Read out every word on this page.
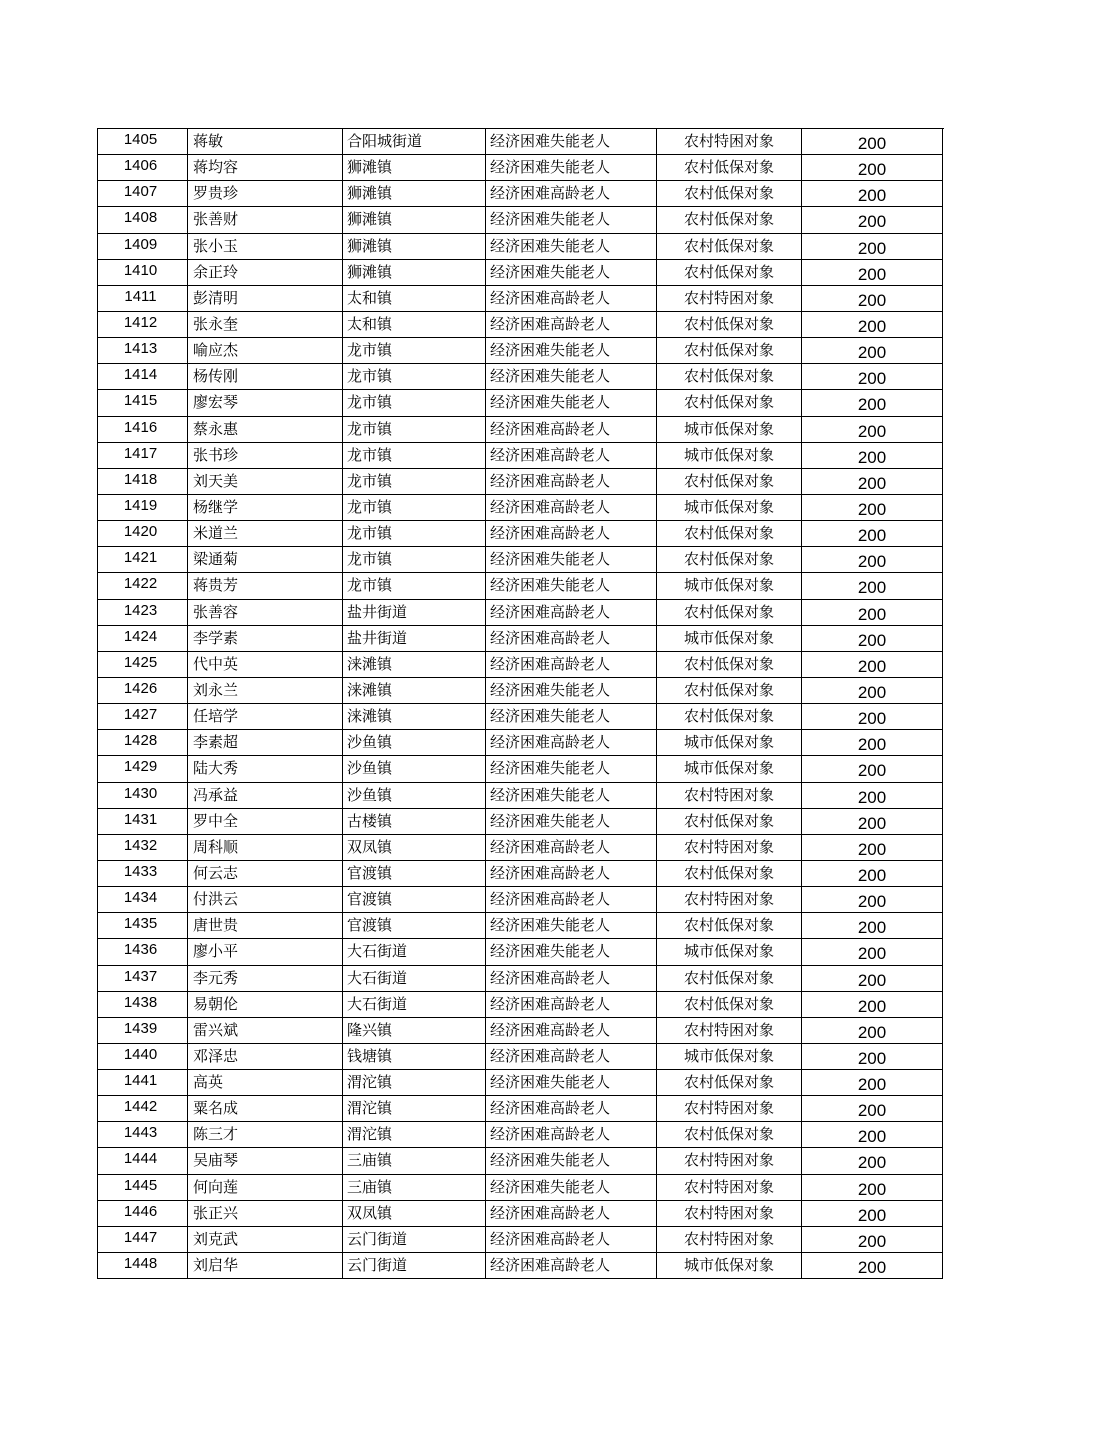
1405	蒋敏	合阳城街道	经济困难失能老人	农村特困对象	200
1406	蒋均容	狮滩镇	经济困难失能老人	农村低保对象	200
1407	罗贵珍	狮滩镇	经济困难高龄老人	农村低保对象	200
1408	张善财	狮滩镇	经济困难失能老人	农村低保对象	200
1409	张小玉	狮滩镇	经济困难失能老人	农村低保对象	200
1410	余正玲	狮滩镇	经济困难失能老人	农村低保对象	200
1411	彭清明	太和镇	经济困难高龄老人	农村特困对象	200
1412	张永奎	太和镇	经济困难高龄老人	农村低保对象	200
1413	喻应杰	龙市镇	经济困难失能老人	农村低保对象	200
1414	杨传刚	龙市镇	经济困难失能老人	农村低保对象	200
1415	廖宏琴	龙市镇	经济困难失能老人	农村低保对象	200
1416	蔡永惠	龙市镇	经济困难高龄老人	城市低保对象	200
1417	张书珍	龙市镇	经济困难高龄老人	城市低保对象	200
1418	刘天美	龙市镇	经济困难高龄老人	农村低保对象	200
1419	杨继学	龙市镇	经济困难高龄老人	城市低保对象	200
1420	米道兰	龙市镇	经济困难高龄老人	农村低保对象	200
1421	梁通菊	龙市镇	经济困难失能老人	农村低保对象	200
1422	蒋贵芳	龙市镇	经济困难失能老人	城市低保对象	200
1423	张善容	盐井街道	经济困难高龄老人	农村低保对象	200
1424	李学素	盐井街道	经济困难高龄老人	城市低保对象	200
1425	代中英	涞滩镇	经济困难高龄老人	农村低保对象	200
1426	刘永兰	涞滩镇	经济困难失能老人	农村低保对象	200
1427	任培学	涞滩镇	经济困难失能老人	农村低保对象	200
1428	李素超	沙鱼镇	经济困难高龄老人	城市低保对象	200
1429	陆大秀	沙鱼镇	经济困难失能老人	城市低保对象	200
1430	冯承益	沙鱼镇	经济困难失能老人	农村特困对象	200
1431	罗中全	古楼镇	经济困难失能老人	农村低保对象	200
1432	周科顺	双凤镇	经济困难高龄老人	农村特困对象	200
1433	何云志	官渡镇	经济困难高龄老人	农村低保对象	200
1434	付洪云	官渡镇	经济困难高龄老人	农村特困对象	200
1435	唐世贵	官渡镇	经济困难失能老人	农村低保对象	200
1436	廖小平	大石街道	经济困难失能老人	城市低保对象	200
1437	李元秀	大石街道	经济困难高龄老人	农村低保对象	200
1438	易朝伦	大石街道	经济困难高龄老人	农村低保对象	200
1439	雷兴斌	隆兴镇	经济困难高龄老人	农村特困对象	200
1440	邓泽忠	钱塘镇	经济困难高龄老人	城市低保对象	200
1441	高英	渭沱镇	经济困难失能老人	农村低保对象	200
1442	粟名成	渭沱镇	经济困难高龄老人	农村特困对象	200
1443	陈三才	渭沱镇	经济困难高龄老人	农村低保对象	200
1444	吴庙琴	三庙镇	经济困难失能老人	农村特困对象	200
1445	何向莲	三庙镇	经济困难失能老人	农村特困对象	200
1446	张正兴	双凤镇	经济困难高龄老人	农村特困对象	200
1447	刘克武	云门街道	经济困难高龄老人	农村特困对象	200
1448	刘启华	云门街道	经济困难高龄老人	城市低保对象	200
